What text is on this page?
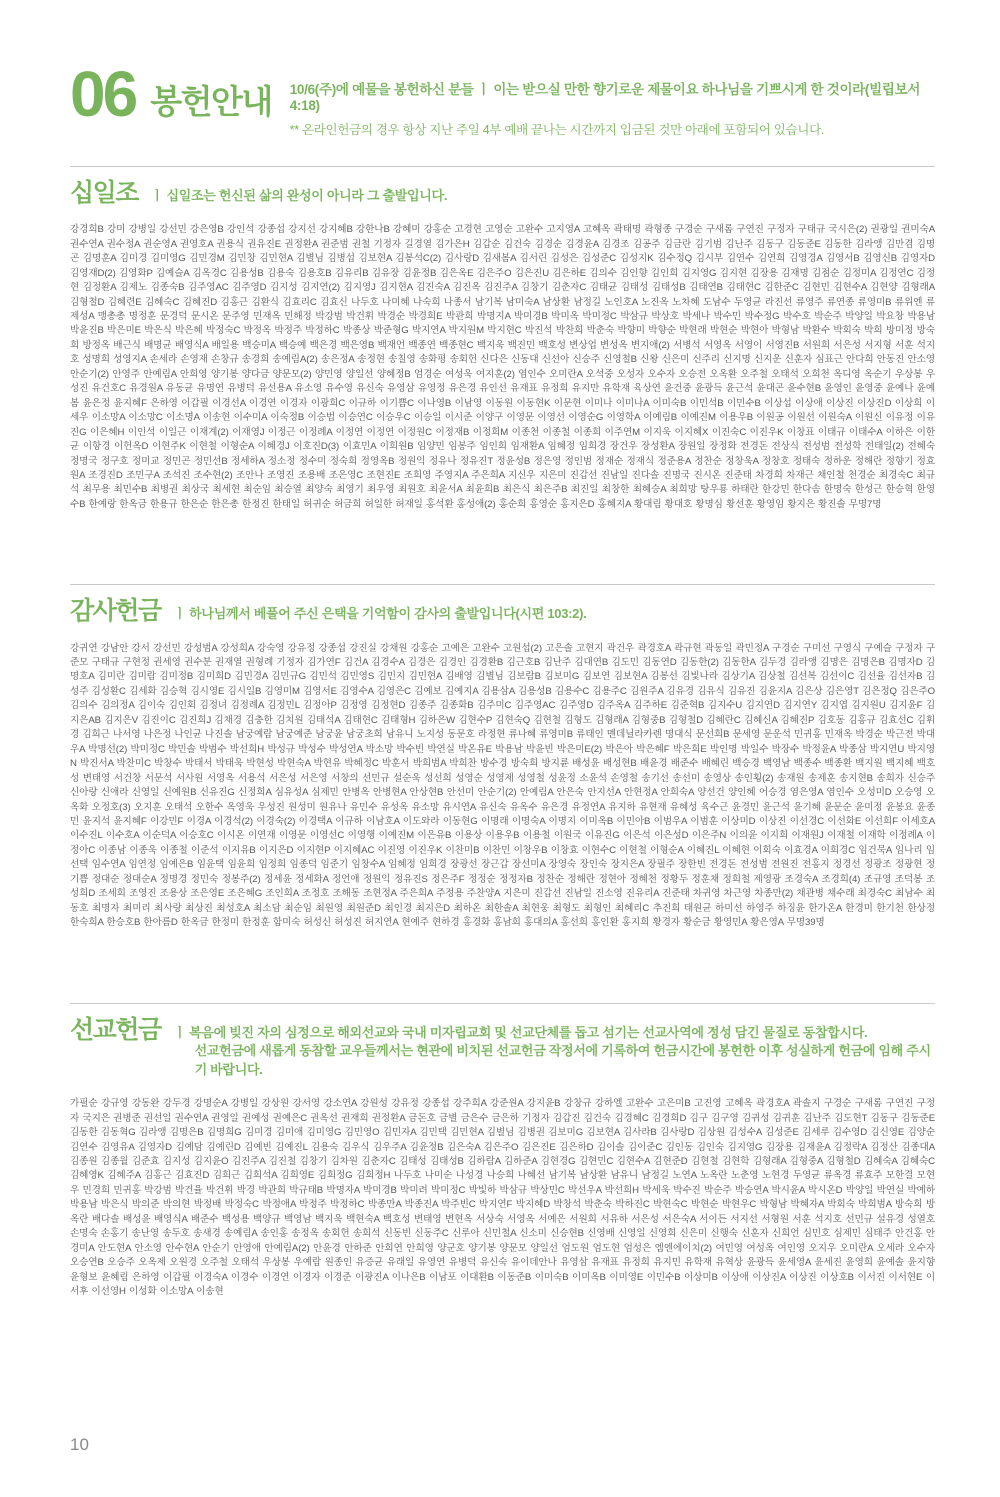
06 봉헌안내 10/6(주)에 예물을 봉헌하신 분들 ㅣ 이는 받으실 만한 향기로운 제물이요 하나님을 기쁘시게 한 것이라(빌립보서 4:18)
** 온라인헌금의 경우 항상 지난 주일 4부 예배 끝나는 시간까지 입금된 것만 아래에 포함되어 있습니다.
십일조 ㅣ 십일조는 헌신된 삶의 완성이 아니라 그 출발입니다.

강경희B 강미 강병일 강선민 강은영B 강인석 강종섭 강지선 강지혜B 강한나B 강혜미 강홍순 고경현 고영순 고완수 고지영A 고혜옥 곽태명 곽형종 구경순 구새롬 구연진 구정자 구태규 국시은(2) 권광일 권미숙A 권수연A 권수정A 권순영A 권영호A 권용식 권유진E 권정환A 권준범 권철 기정자 길경열 김가은H 김갑순 김건숙 김경순 김경윤A 김경조 김공주 김금란 김기범 김난주 김동구 김동준E 김동한 김라앵 김만겸 김명곤 김명훈A 김미경 김미영G 김민경M 김민창 김민현A 김별님 김병섭 김보현A 김봉석C(2) 김사랑D 김새봄A 김서린 김성은 김성준C 김성지K 김수정Q 김시부 김연수 김연희 김영경A 김영서B 김영신B 김영자D 김영재D(2) 김영화P 김예슬A 김옥경C 김용성B 김용숙 김용호B 김유리B 김유장 김윤정B 김은옥E 김은주O 김은진U 김은하E 김의수 김인향 김인희 김지영G 김지현 김장용 김재명 김점순 김정미A 김정연C 김정현 김정환A 김제노 김종숙B 김주영AC 김주영D 김지성 김지연(2) 김지영J 김지현A 김진숙A 김진옥 김진주A 김창기 김춘자C 김태균 김태성 김태성B 김태연B 김태현C 김한준C 김현민 김현수A 김현양 김형래A 김형철D 김혜련E 김혜숙C 김혜진D 김홍근 김환식 김효리C 김효신 나두호 나미혜 나숙희 나종서 남기복 남미숙A 남상환 남정길 노인호A 노진옥 노차혜 도남수 두영균 라진선 류영주 류연종 류영미B 류위엔 류제성A 맹총총 명정훈 문경덕 문시온 문주영 민재옥 민해정 박강범 박건휘 박경순 박경희E 박관희 박명지A 박미경B 박미옥 박미정C 박삼규 박상호 박세나 박수민 박수정G 박수호 박순주 박양일 박요창 박용남 박윤진B 박은미E 박은식 박은혜 박정숙C 박정옥 박정주 박정하C 박종상 박준형G 박지연A 박지원M 박지현C 박진석 박찬희 박춘숙 박향미 박향순 박현래 박현순 박현아 박형남 박환수 박회숙 박희 방미정 방숙희 방정옥 배근식 배명균 배영식A 배일용 백승미A 백승예 백은경 백은영B 백재언 백종연 백종현C 백지욱 백진민 백호성 변상업 변성옥 변지애(2) 서병석 서영옥 서영이 서영진B 서원희 서은성 서지형 서훈 석지호 성명희 성영지A 손세라 손영재 손창규 송경희 송예림A(2) 송은정A 송정현 송칠영 송화평 송회헌 신다은 신동대 신선아 신승주 신영철B 신왕 신은미 신주리 신지명 신지운 신훈자 심표근 안다희 안동진 안소영 안순기(2) 안영주 안예림A 안희영 양기봉 양다금 양문모(2) 양민영 양일선 양혜정B 엄경순 여성욱 여지훈(2) 염인수 오미란A 오석중 오성자 오수자 오승전 오옥환 오주철 오태석 오희천 옥디영 옥순기 우상봉 우성진 유건호C 유경원A 유동균 유명연 유병덕 유선용A 유소영 유수영 유신숙 유영삼 유영정 유은경 유인선 유재표 유정희 유지만 유학재 육상연 윤건중 윤광득 윤근석 윤대곤 윤수현B 윤영인 윤영중 윤예나 윤예봄 윤은정 윤지혜F 은하영 이갑필 이경선A 이경연 이경자 이광희C 이규하 이기쁨C 이나영B 이남영 이동원 이동현K 이문현 이미나 이미나A 이미숙B 이민석B 이민수B 이상섭 이상애 이상진 이상진D 이상희 이세우 이소망A 이소망C 이소명A 이송현 이수미A 이숙정B 이승법 이승연C 이승우C 이승일 이시준 이양구 이영문 이영선 이영순G 이영학A 이예림B 이예진M 이용우B 이원공 이원선 이원숙A 이원신 이유정 이유진G 이은혜H 이인석 이일근 이재계(2) 이재영J 이정근 이정례A 이정연 이정연 이정원C 이정재B 이정희M 이종천 이종철 이종희 이주연M 이지욱 이지혜X 이진숙C 이진우K 이창표 이태규 이태수A 이하은 이한균 이항경 이헌옥D 이현주K 이현철 이형순A 이혜경J 이호진D(3) 이효민A 이희원B 임양민 임봉주 임인희 임재환A 임혜정 임희경 장건우 장성환A 장원일 장정화 전경돈 전상식 전성범 전성학 전태일(2) 전혜숙 정명국 정구호 정미교 정민곤 정민선B 정세하A 정소정 정수미 정숙희 정영옥B 정원익 정유나 정유진T 정윤성B 정은영 정인범 정재순 정재식 정준용A 정찬순 정창욱A 정창호 정태숙 정하운 정해란 정향기 정효원A 조경진D 조민구A 조석진 조수현(2) 조안나 조영진 조용배 조은영C 조현진E 조희영 주영지A 주은희A 지신우 지은미 진갑선 진남일 진다솔 진명국 진시온 진준태 차경희 차재근 채인철 천경순 최경숙C 최규석 최무용 최민수B 최병권 최상국 최세현 최순임 최승열 최양숙 최영기 최우영 최원호 최윤서A 최윤희B 최은식 최은주B 최진일 최창한 최혜승A 최희망 탕우룡 하태란 한강민 한다솜 한명숙 한성근 한승혁 한영수B 한예랑 한옥금 한용규 한은순 한은총 한정진 한태일 허귀순 허금희 허일한 허재일 홍석환 홍성애(2) 홍순희 홍영순 홍지은D 홍혜지A 황대림 황대호 황명심 황선훈 황영임 황지은 황진솔 무명7명

감사헌금 ㅣ 하나님께서 베풀어 주신 은택을 기억함이 감사의 출발입니다(시편 103:2).

강귀연 강남안 강서 강선민 강성범A 강성희A 강숙영 강유정 강종섭 강진실 강채원 강홍순 고예은 고완수 고원섭(2) 고은솔 고현지 곽건우 곽경호A 곽규현 곽동일 곽민정A 구경순 구미선 구영식 구예슬 구정자 구준모 구태규 구현정 권세영 권수분 권재열 권형례 기정자 김가연F 김건A 김경수A 김경은 김경인 김경환B 김근호B 김난주 김대연B 김도민 김동연D 김동한(2) 김동한A 김두경 김라앵 김명은 김명은B 김명자D 김명호A 김미란 김미람 김미정B 김미희D 김민경A 김민규G 김민석 김민영S 김민지 김민현A 김배영 김별님 김보람B 김보미G 김보연 김보현A 김봉선 김빛나라 김상기A 김상철 김선복 김선이C 김선율 김선자B 김성주 김성환C 김세화 김승혁 김시영E 김시일B 김영미M 김영서E 김영수A 김영은C 김예보 김예지A 김용삼A 김용성B 김용수C 김용주C 김원주A 김유경 김유식 김유진 김윤지A 김은상 김은영T 김은정Q 김은주O 김의수 김의정A 김이숙 김인회 김정녀 김정례A 김정민L 김정아P 김정영 김정현D 김종주 김종화B 김주미C 김주영AC 김주영D 김주옥A 김주하E 김준혁B 김지수U 김지연D 김지연Y 김지엽 김지원U 김지윤F 김지은AB 김지은V 김진이C 김진희J 김채경 김충한 김치원 김태석A 김태현C 김태형H 김하은W 김현수P 김현숙Q 김현철 김형도 김형래A 김형중B 김형철D 김혜란C 김혜신A 김혜진P 김호동 김홍규 김효선C 김휘경 김희근 나서영 나은정 나인균 나진솔 남궁예람 남궁예준 남궁윤 남궁초희 남유니 노지성 동문호 라정현 류나혜 류영미B 류태인 멘데닐라카렌 명대식 문선희B 문세영 문운석 민귀홍 민재옥 박경순 박근전 박대우A 박명선(2) 박미정C 박민솔 박범수 박선희H 박성규 박성수 박성연A 박소망 박수빈 박연실 박온유E 박용남 박윤빈 박은미E(2) 박은아 박은혜F 박은희E 박인명 박일수 박장수 박정윤A 박종삼 박지연U 박지영N 박진서A 박찬미C 박창수 박태서 박태욱 박현성 박현숙A 박현유 박혜정C 박훈서 박희범A 박희찬 방수경 방숙희 방지륜 배성윤 배성현B 배윤경 배준수 배혜린 백승경 백영남 백종수 백종환 백지원 백지혜 백호성 변태영 서건창 서문석 서사원 서영옥 서용석 서은성 서은영 서창의 선민규 설순욱 성선희 성영순 성영제 성영철 성윤정 소윤석 손영철 송기선 송선미 송영상 송인횡(2) 송재원 송제훈 송지현B 송희자 신승주 신아랑 신애라 신영일 신예원B 신유진G 신정희A 심유성A 심제민 안병옥 안병현A 안상현B 안선미 안순기(2) 안예림A 안은숙 안지선A 안현정A 안희숙A 양선건 양인혜 어승경 염은영A 염인수 오성미D 오승영 오옥화 오정호(3) 오지훈 오태석 오한수 옥영욱 우성진 원성미 원유나 유민수 유성옥 유소망 유시연A 유신숙 유옥수 유은경 유정연A 유지하 유현재 유혜성 육수근 윤경민 윤근석 윤기혜 윤문순 윤미정 윤봉요 윤종민 윤지석 윤지혜F 이강민F 이경A 이경석(2) 이경숙(2) 이경택A 이규하 이남호A 이도와라 이동현G 이명래 이명숙A 이명지 이미옥B 이민아B 이범우A 이범훈 이상미D 이상진 이선경C 이선화E 이선희F 이세호A 이수진L 이수호A 이순덕A 이승호C 이시온 이연재 이영문 이영선C 이영행 이예진M 이은유B 이용상 이용우B 이용철 이원국 이유진G 이은석 이은성D 이은주N 이의윤 이지희 이재원J 이재철 이재학 이정례A 이정아C 이종남 이종욱 이종철 이준석 이지유B 이지은D 이지현P 이지혜AC 이진영 이진우K 이찬미B 이찬민 이창우B 이창효 이현수C 이현철 이형순A 이혜진L 이혜현 이회숙 이효경A 이희경C 임건묵A 임나리 임선택 임수연A 임연정 임예은B 임윤택 임윤희 임정희 임종덕 임준기 임창수A 임혜정 임희경 장광선 장근갑 장선미A 장영숙 장인숙 장지은A 장필주 장한빈 전경돈 전성범 전원진 전홍지 정경선 정광조 정광현 정기쁨 정대순 정대순A 정명경 정민숙 정봉주(2) 정세윤 정세화A 정언애 정원익 정유진S 정은주F 정정순 정정자B 정찬순 정해란 정현아 정혜천 정황두 정훈채 정희철 제영광 조경숙A 조경희(4) 조규영 조덕봉 조성희D 조세희 조영진 조용상 조은영E 조은혜G 조인희A 조정호 조해동 조현정A 주은희A 주정용 주찬양A 지은미 진갑선 진남일 진소영 진유리A 진준태 차귀영 차근영 차종만(2) 채관병 채수래 최경숙C 최남수 최동호 최명자 최미리 최사랑 최상진 최성호A 최소담 최순임 최원영 최원준D 최인경 최지은D 최하온 최한솔A 최현웅 최형도 최형인 최혜리C 추진희 태원균 하미선 하영주 하징윤 한가온A 한경미 한기천 한상정 한숙희A 한승호B 한아름D 한옥금 한정미 한정훈 함미숙 허성신 허성진 허지연A 현예주 현하경 홍경화 홍남희 홍대의A 홍선희 홍인환 홍지희 황경자 황순금 황영민A 황은영A 무명39명

선교헌금 ㅣ 복음에 빚진 자의 심정으로 해외선교와 국내 미자립교회 및 선교단체를 돕고 섬기는 선교사역에 정성 담긴 물질로 동참합시다.
선교헌금에 새롭게 동참할 교우들께서는 현관에 비치된 선교헌금 작정서에 기록하여 헌금시간에 봉헌한 이후 성실하게 헌금에 임해 주시기 바랍니다.

가필순 강규영 강동완 강두경 강명순A 강병일 강상원 강서영 강소연A 강원성 강유정 강종섭 강주희A 강준원A 강지윤B 강창규 강하엘 고완수 고은미B 고진영 고혜옥 곽경호A 곽솔지 구경순 구새롬 구연진 구정자 국지은 권병준 권선일 권수연A 권영일 권예성 권예은C 권옥선 권재희 권정환A 금돈호 금별 금은수 금은하 기정자 김갑진 김건숙 김경혜C 김경희D 김구 김구영 김귀성 김귀훈 김난주 김도현T 김동구 김동준E 김동한 김동혁G 김라앵 김명은B 김명희G 김미경 김미애 김미영G 김민영O 김민자A 김민택 김민현A 김별님 김병권 김보미G 김보현A 김사라B 김사랑D 김상원 김성수A 김성준E 김세루 김수영D 김신영E 김양순 김연수 김영유A 김영자D 김예담 김예린D 김예빈 김예진L 김용숙 김우식 김우주A 김윤정B 김은숙A 김은주O 김은진E 김은하D 김이솔 김이준C 김인동 김인숙 김지영G 김장용 김재윤A 김정락A 김정산 김종대A 김종원 김종월 김준효 김지성 김지윤O 김진주A 김진철 김창기 김차원 김춘자C 김태성 김태성B 김하람A 김하준A 김현경G 김현민C 김현수A 김현준D 김현철 김현학 김형래A 김형중A 김형철D 김혜숙A 김혜숙C 김혜영K 김혜주A 김홍근 김효진D 김희근 김희석A 김희영E 김희정G 김희정H 나두호 나미순 나성경 나승희 나혜선 남기복 남상환 남유니 남정길 노연A 노옥란 노춘영 노현경 두영균 류옥경 류효주 모한결 모현우 민경희 민귀홍 박강범 박건율 박건휘 박경 박관희 박규태B 박명자A 박미경B 박미려 박미정C 박빛하 박삼규 박상민C 박선우A 박선희H 박세욱 박수진 박순주 박승연A 박시윤A 박시온D 박양일 박연실 박예하 박용남 박은식 박의준 박의현 박정배 박정숙C 박정애A 박정주 박정하C 박종만A 박종진A 박주빈C 박지연F 박지혜D 박창석 박춘숙 박하진C 박현숙C 박현순 박현우C 박형남 박혜자A 박회숙 박희범A 방숙희 방옥란 배다솔 배성윤 배영식A 배준수 백성용 백양규 백영남 백지욱 백현숙A 백호성 변태영 변현옥 서상숙 서영옥 서예은 서원희 서유하 서은성 서은숙A 서이든 서지선 서형원 서훈 석지호 선민규 설유경 성열호 손명숙 손홍기 송난영 송두호 송새경 송예림A 송인홍 송정옥 송회헌 송희석 신동빈 신동주C 신루아 신민철A 신소미 신승현B 신영배 신영일 신영희 신은미 신행숙 신훈자 신희언 심민호 심제민 심태주 안건홍 안경미A 안도현A 안소영 안수현A 안순기 안영애 안예림A(2) 안윤경 안하준 안희연 안희영 양군호 양기봉 양문모 양일선 엄도원 엄도현 엄성은 엠엔에이치(2) 여민영 여성옥 여인영 오지우 오미란A 오세라 오수자 오승연B 오승주 오옥제 오원경 오주철 오태석 우상봉 우예람 원종인 유증균 유래일 유영연 유병덕 유신숙 유이데안나 유영삼 유재표 유정희 유지민 유학재 유혁상 윤광득 윤세영A 윤세진 윤영희 윤예솔 윤지향 윤형보 윤혜림 은하영 이갑필 이경숙A 이경수 이경연 이경자 이경준 이광진A 이나은B 이남포 이대환B 이동준B 이미숙B 이미옥B 이미영E 이민수B 이상미B 이상애 이상진A 이상진 이상호B 이서진 이서현E 이서후 이선영H 이성화 이소망A 이송현

10
